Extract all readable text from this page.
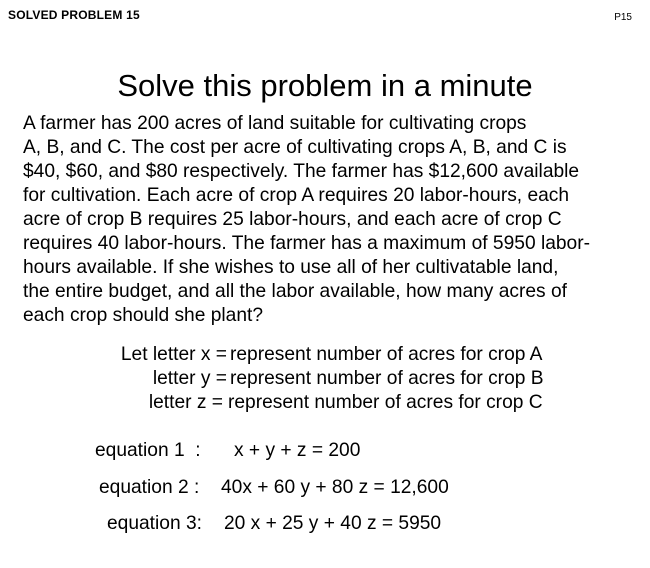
SOLVED PROBLEM 15	P15
Solve this problem in a minute
A farmer has 200 acres of land suitable for cultivating crops
A, B, and C. The cost per acre of cultivating crops A, B, and C is
$40, $60, and $80 respectively. The farmer has $12,600 available
for cultivation. Each acre of crop A requires 20 labor-hours, each
acre of crop B requires 25 labor-hours, and each acre of crop C
requires 40 labor-hours. The farmer has a maximum of 5950 labor-
hours available. If she wishes to use all of her cultivatable land,
the entire budget, and all the labor available, how many acres of
each crop should she plant?
Let letter x = represent number of acres for crop A
letter y = represent number of acres for crop B
letter z = represent number of acres for crop C
equation 1  : x + y + z = 200
equation 2 : 40x + 60 y + 80 z = 12,600
equation 3: 20 x + 25 y + 40 z = 5950
